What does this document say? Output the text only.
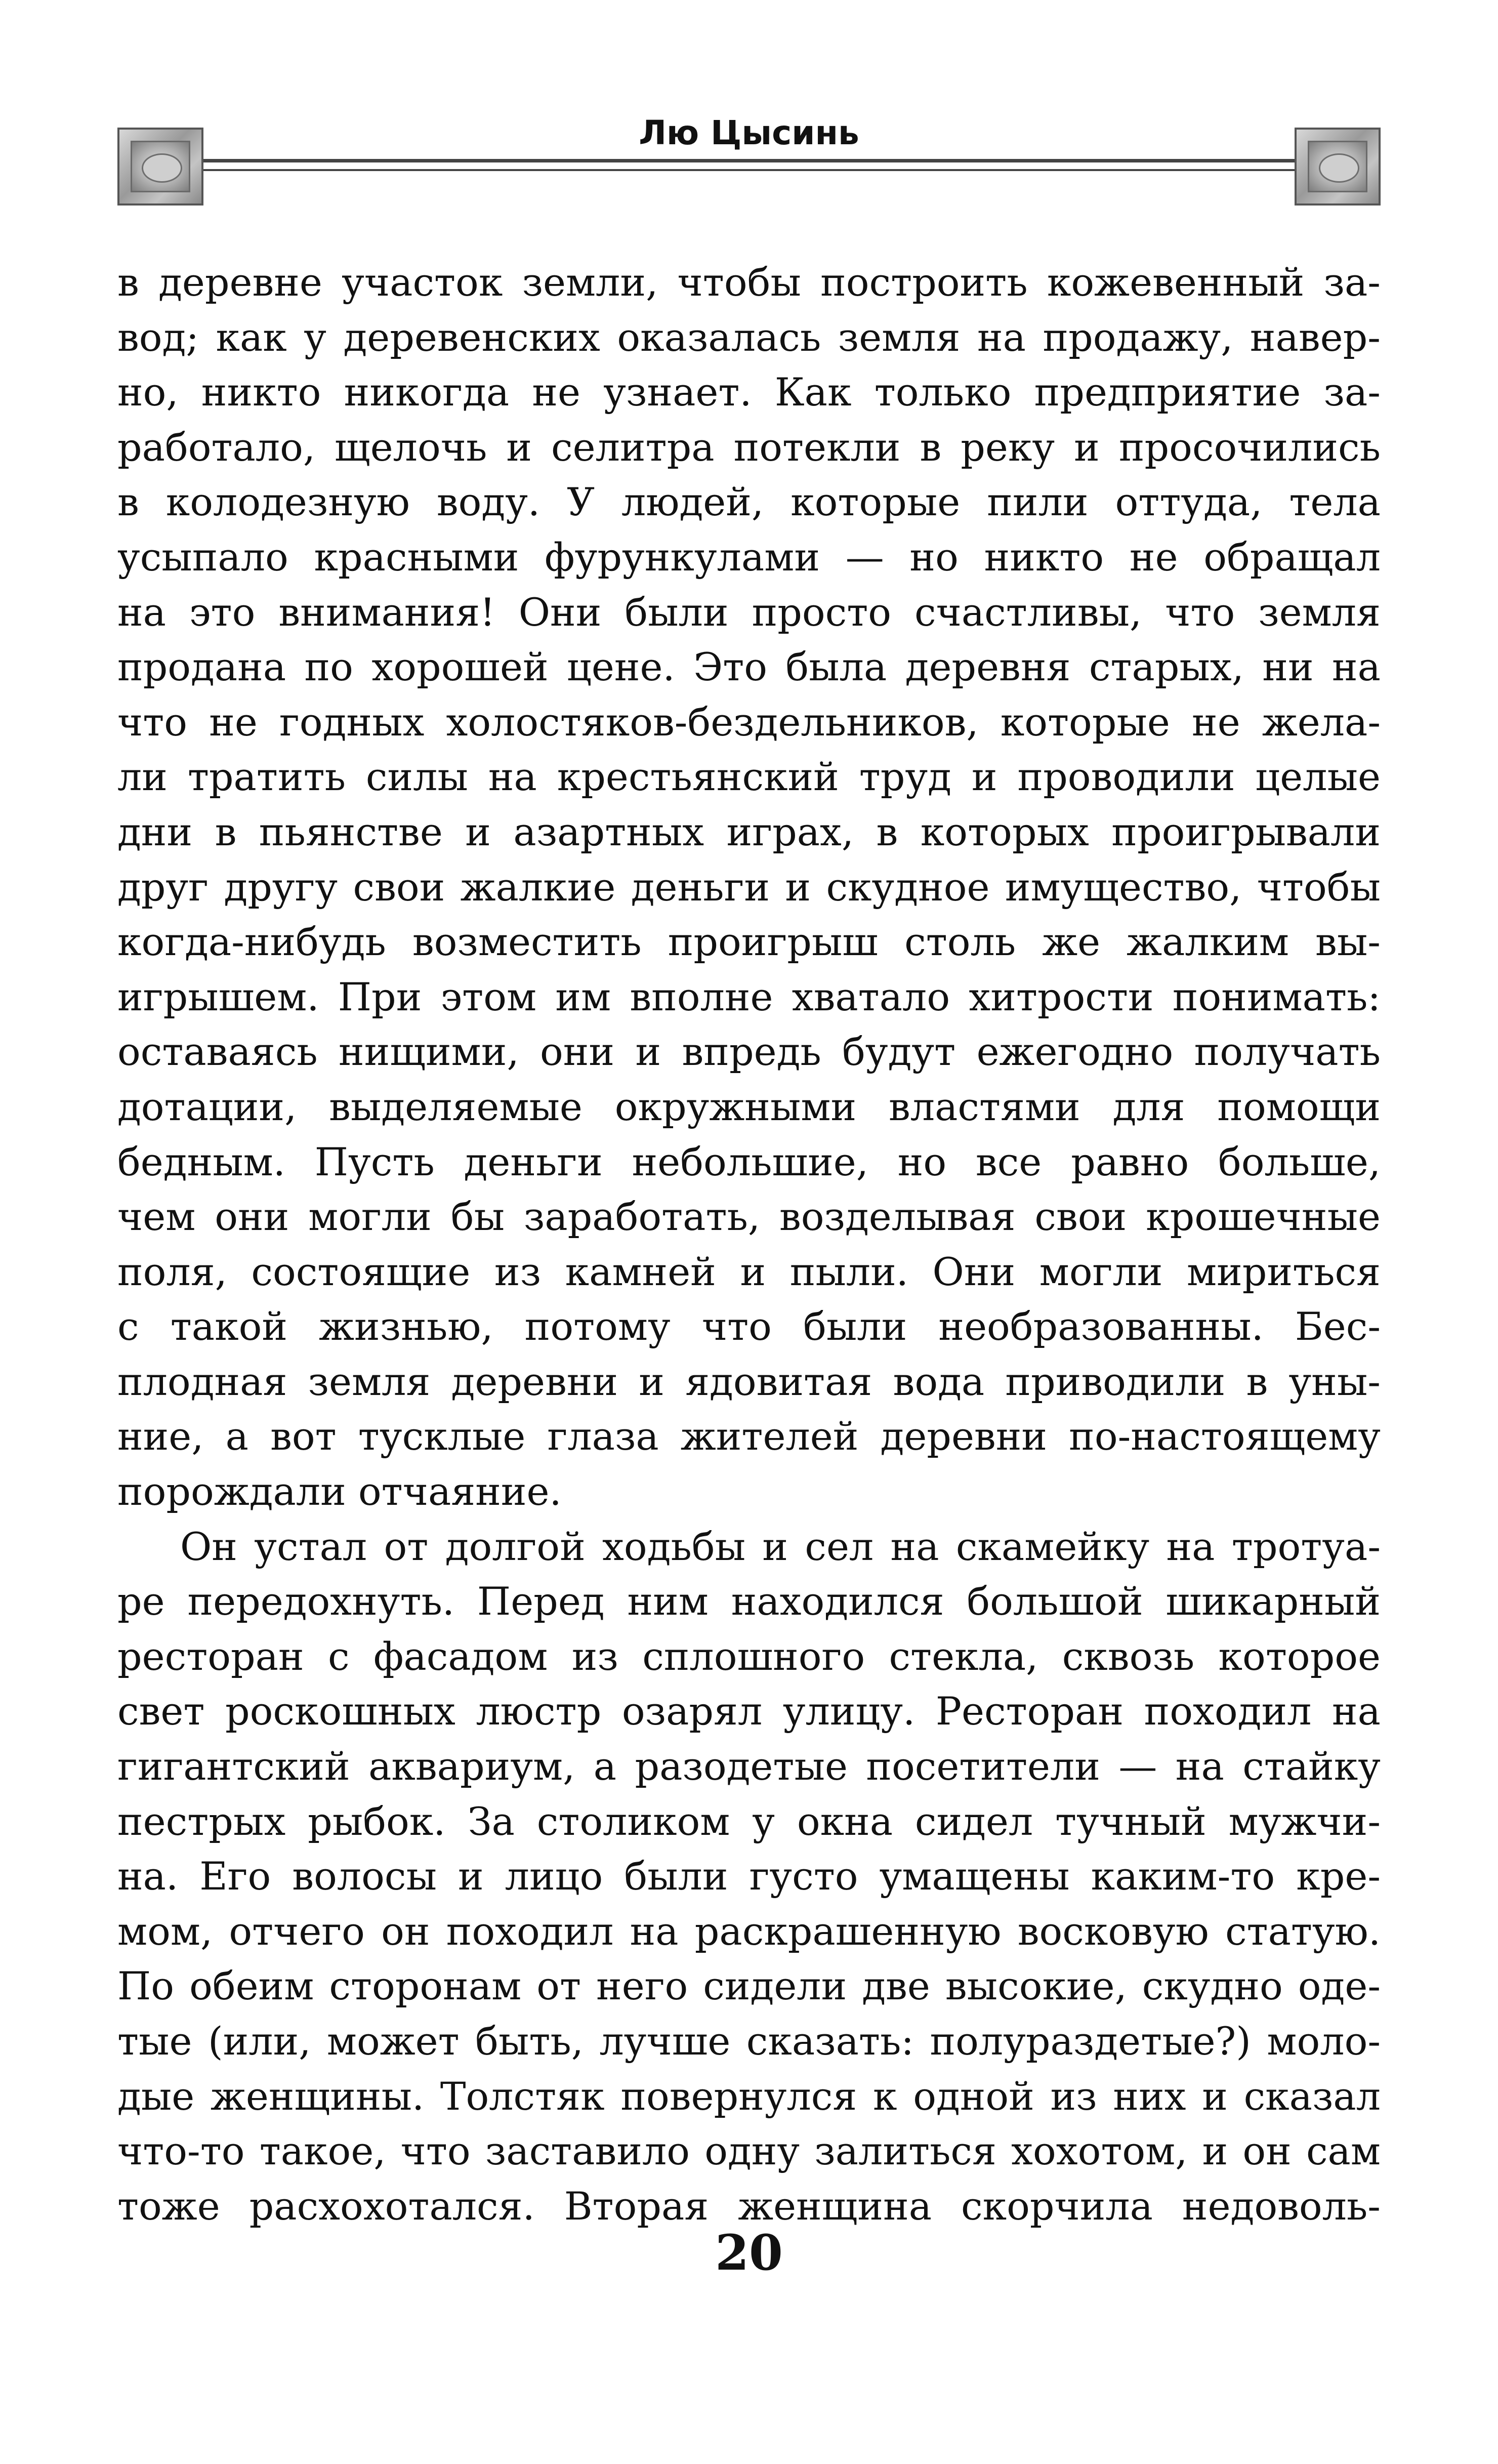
Лю Цысинь
в деревне участок земли, чтобы построить кожевенный за-
вод; как у деревенских оказалась земля на продажу, навер-
но, никто никогда не узнает. Как только предприятие за-
работало, щелочь и селитра потекли в реку и просочились
в колодезную воду. У людей, которые пили оттуда, тела
усыпало красными фурункулами — но никто не обращал
на это внимания! Они были просто счастливы, что земля
продана по хорошей цене. Это была деревня старых, ни на
что не годных холостяков-бездельников, которые не жела-
ли тратить силы на крестьянский труд и проводили целые
дни в пьянстве и азартных играх, в которых проигрывали
друг другу свои жалкие деньги и скудное имущество, чтобы
когда-нибудь возместить проигрыш столь же жалким вы-
игрышем. При этом им вполне хватало хитрости понимать:
оставаясь нищими, они и впредь будут ежегодно получать
дотации, выделяемые окружными властями для помощи
бедным. Пусть деньги небольшие, но все равно больше,
чем они могли бы заработать, возделывая свои крошечные
поля, состоящие из камней и пыли. Они могли мириться
с такой жизнью, потому что были необразованны. Бес-
плодная земля деревни и ядовитая вода приводили в уны-
ние, а вот тусклые глаза жителей деревни по-настоящему
порождали отчаяние.
Он устал от долгой ходьбы и сел на скамейку на тротуа-
ре передохнуть. Перед ним находился большой шикарный
ресторан с фасадом из сплошного стекла, сквозь которое
свет роскошных люстр озарял улицу. Ресторан походил на
гигантский аквариум, а разодетые посетители — на стайку
пестрых рыбок. За столиком у окна сидел тучный мужчи-
на. Его волосы и лицо были густо умащены каким-то кре-
мом, отчего он походил на раскрашенную восковую статую.
По обеим сторонам от него сидели две высокие, скудно оде-
тые (или, может быть, лучше сказать: полураздетые?) моло-
дые женщины. Толстяк повернулся к одной из них и сказал
что-то такое, что заставило одну залиться хохотом, и он сам
тоже расхохотался. Вторая женщина скорчила недоволь-
20
